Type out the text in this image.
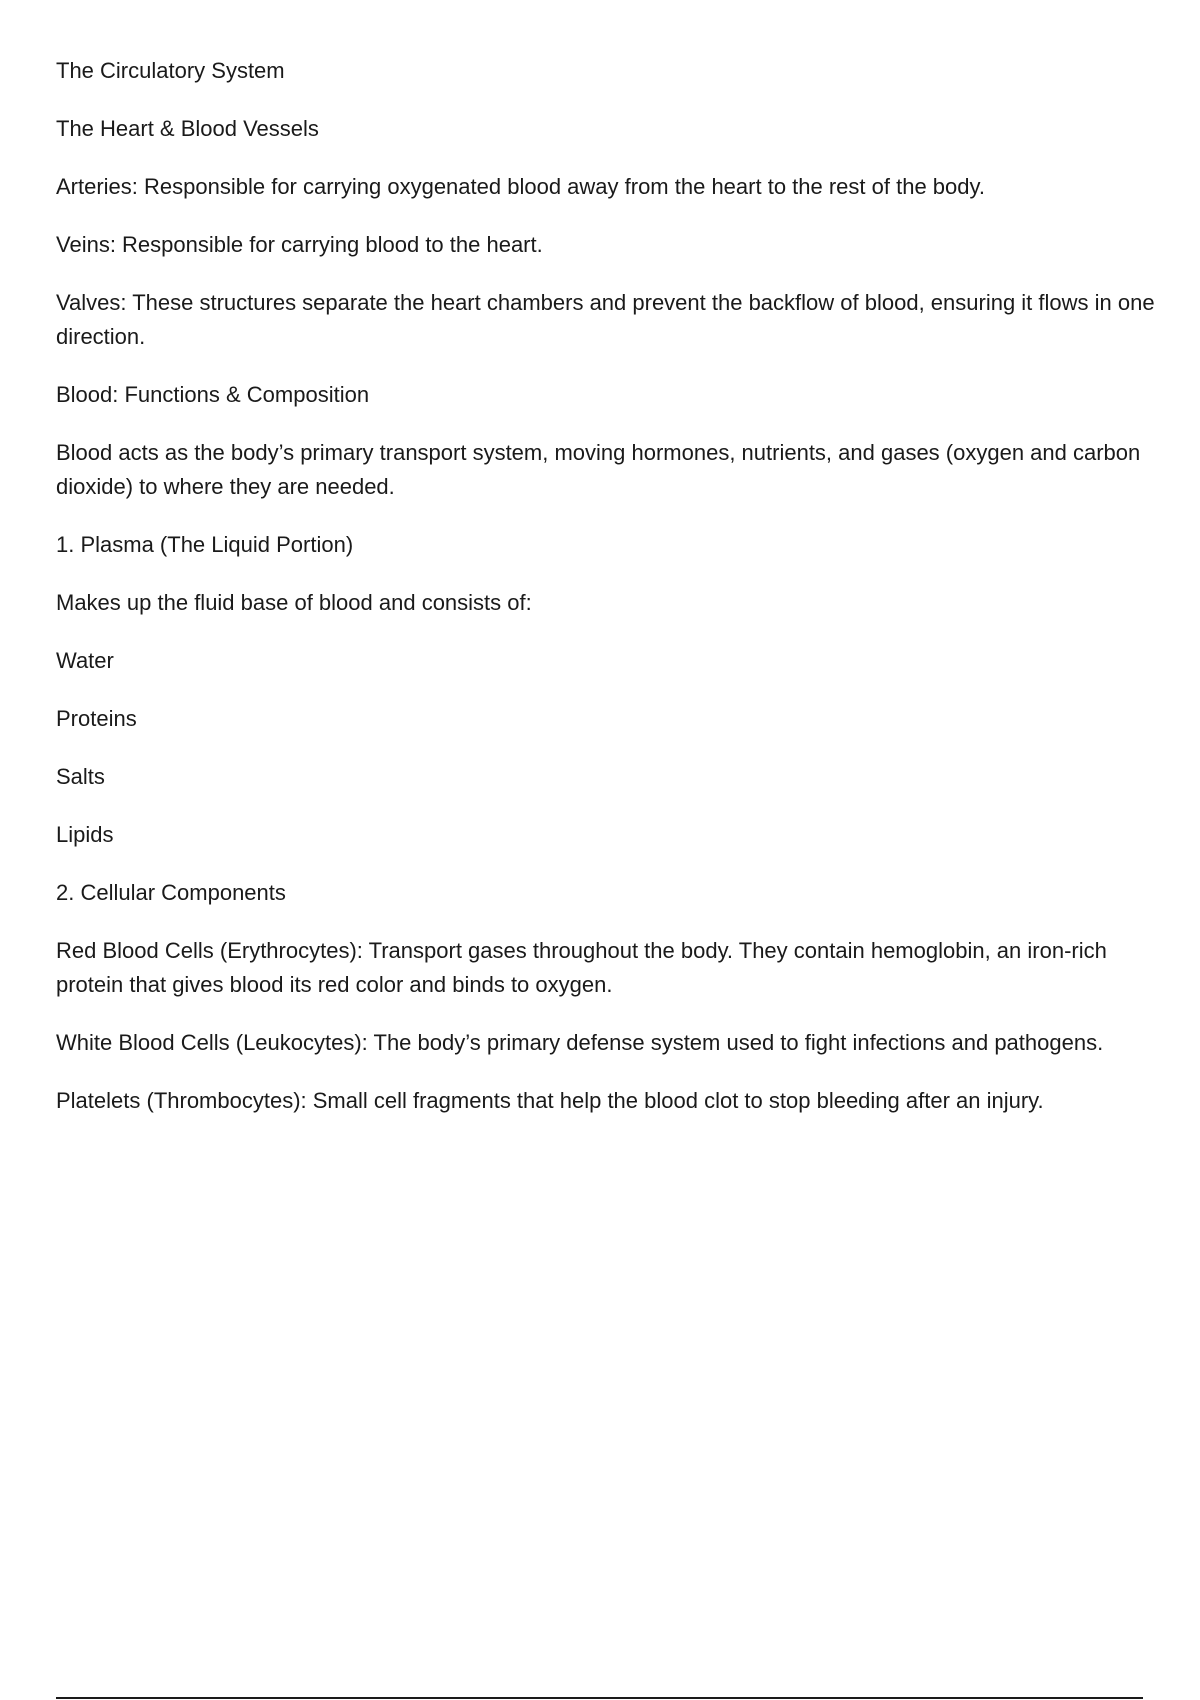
The Circulatory System

The Heart & Blood Vessels

Arteries: Responsible for carrying oxygenated blood away from the heart to the rest of the body.

Veins: Responsible for carrying blood to the heart.

Valves: These structures separate the heart chambers and prevent the backflow of blood, ensuring it flows in one direction.

Blood: Functions & Composition

Blood acts as the body’s primary transport system, moving hormones, nutrients, and gases (oxygen and carbon dioxide) to where they are needed.

1. Plasma (The Liquid Portion)

Makes up the fluid base of blood and consists of:

Water

Proteins

Salts

Lipids

2. Cellular Components

Red Blood Cells (Erythrocytes): Transport gases throughout the body. They contain hemoglobin, an iron-rich protein that gives blood its red color and binds to oxygen.

White Blood Cells (Leukocytes): The body’s primary defense system used to fight infections and pathogens.

Platelets (Thrombocytes): Small cell fragments that help the blood clot to stop bleeding after an injury.
